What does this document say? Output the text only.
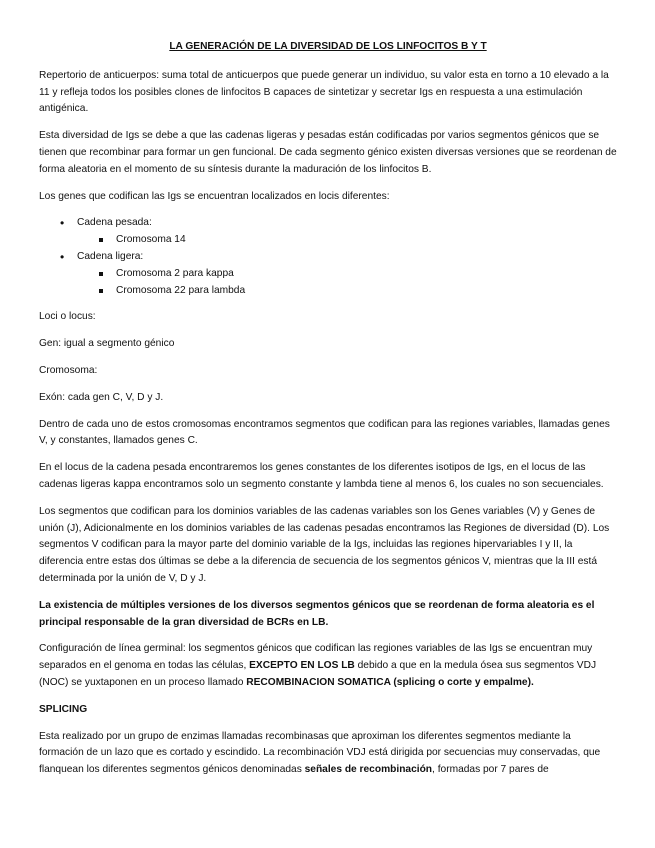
LA GENERACIÓN DE LA DIVERSIDAD DE LOS LINFOCITOS B Y T

Repertorio de anticuerpos: suma total de anticuerpos que puede generar un individuo, su valor esta en torno a 10 elevado a la 11 y refleja todos los posibles clones de linfocitos B capaces de sintetizar y secretar Igs en respuesta a una estimulación antigénica.

Esta diversidad de Igs se debe a que las cadenas ligeras y pesadas están codificadas por varios segmentos génicos que se tienen que recombinar para formar un gen funcional. De cada segmento génico existen diversas versiones que se reordenan de forma aleatoria en el momento de su síntesis durante la maduración de los linfocitos B.

Los genes que codifican las Igs se encuentran localizados en locis diferentes:

• Cadena pesada:
Cromosoma 14
• Cadena ligera:
Cromosoma 2 para kappa
Cromosoma 22 para lambda

Loci o locus:

Gen: igual a segmento génico

Cromosoma:

Exón: cada gen C, V, D y J.

Dentro de cada uno de estos cromosomas encontramos segmentos que codifican para las regiones variables, llamadas genes V, y constantes, llamados genes C.

En el locus de la cadena pesada encontraremos los genes constantes de los diferentes isotipos de Igs, en el locus de las cadenas ligeras kappa encontramos solo un segmento constante y lambda tiene al menos 6, los cuales no son secuenciales.

Los segmentos que codifican para los dominios variables de las cadenas variables son los Genes variables (V) y Genes de unión (J), Adicionalmente en los dominios variables de las cadenas pesadas encontramos las Regiones de diversidad (D). Los segmentos V codifican para la mayor parte del dominio variable de la Igs, incluidas las regiones hipervariables I y II, la diferencia entre estas dos últimas se debe a la diferencia de secuencia de los segmentos génicos V, mientras que la III está determinada por la unión de V, D y J.

La existencia de múltiples versiones de los diversos segmentos génicos que se reordenan de forma aleatoria es el principal responsable de la gran diversidad de BCRs en LB.

Configuración de línea germinal: los segmentos génicos que codifican las regiones variables de las Igs se encuentran muy separados en el genoma en todas las células, EXCEPTO EN LOS LB debido a que en la medula ósea sus segmentos VDJ (NOC) se yuxtaponen en un proceso llamado RECOMBINACION SOMATICA (splicing o corte y empalme).

SPLICING

Esta realizado por un grupo de enzimas llamadas recombinasas que aproximan los diferentes segmentos mediante la formación de un lazo que es cortado y escindido. La recombinación VDJ está dirigida por secuencias muy conservadas, que flanquean los diferentes segmentos génicos denominadas señales de recombinación, formadas por 7 pares de
